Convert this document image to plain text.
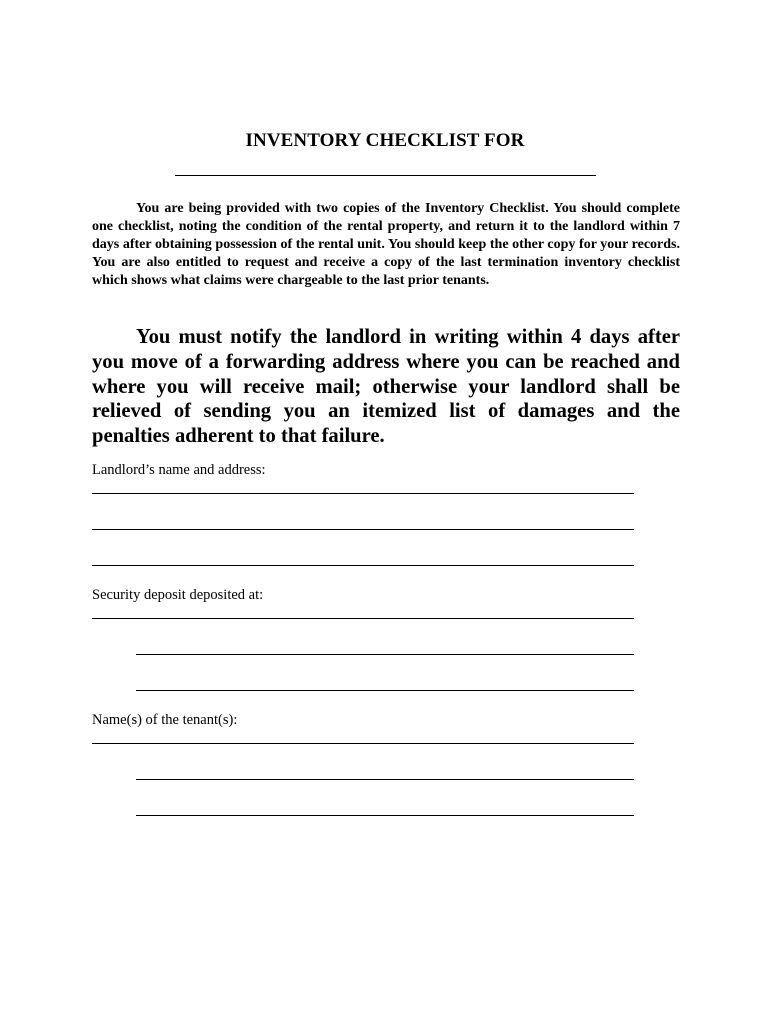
INVENTORY CHECKLIST FOR

You are being provided with two copies of the Inventory Checklist. You should complete one checklist, noting the condition of the rental property, and return it to the landlord within 7 days after obtaining possession of the rental unit. You should keep the other copy for your records. You are also entitled to request and receive a copy of the last termination inventory checklist which shows what claims were chargeable to the last prior tenants.

You must notify the landlord in writing within 4 days after you move of a forwarding address where you can be reached and where you will receive mail; otherwise your landlord shall be relieved of sending you an itemized list of damages and the penalties adherent to that failure.

Landlord’s name and address:
Security deposit deposited at:
Name(s) of the tenant(s):
